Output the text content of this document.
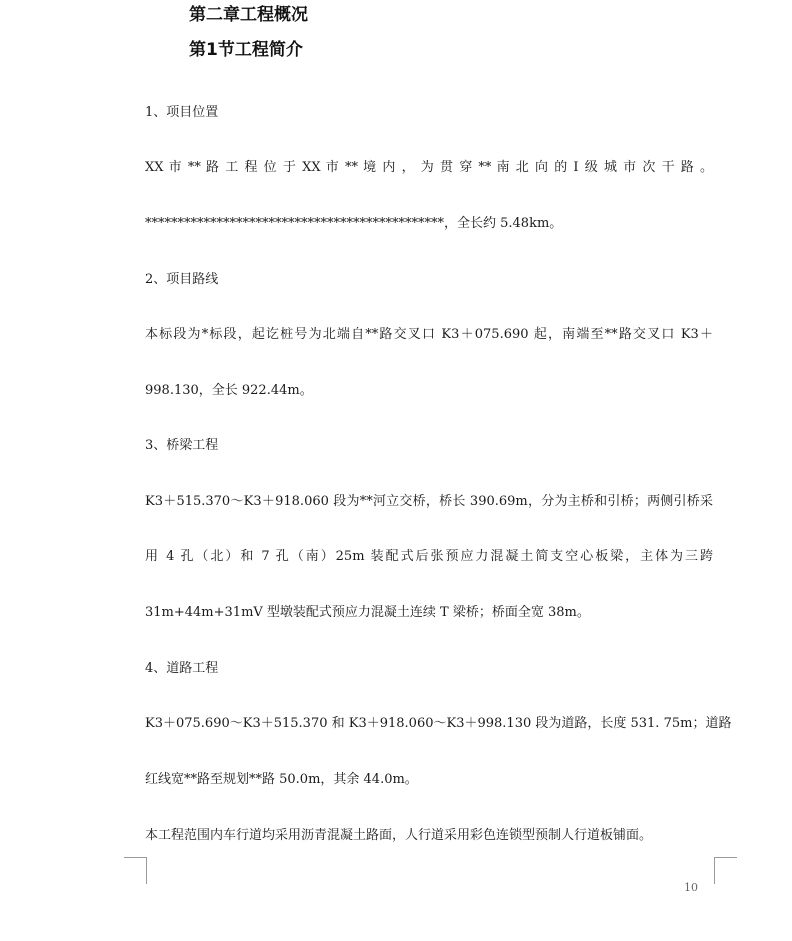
第二章工程概况
第1节工程简介
1、项目位置
XX 市 ** 路 工 程 位 于 XX 市 ** 境 内 ， 为 贯 穿 ** 南 北 向 的 Ⅰ 级 城 市 次 干 路 。
**********************************************，全长约 5.48km。
2、项目路线
本标段为*标段，起讫桩号为北端自**路交叉口 K3＋075.690 起，南端至**路交叉口 K3＋
998.130，全长 922.44m。
3、桥梁工程
K3＋515.370～K3＋918.060 段为**河立交桥，桥长 390.69m，分为主桥和引桥；两侧引桥采
用 4 孔（北）和 7 孔（南）25m 装配式后张预应力混凝土简支空心板梁，主体为三跨
31m+44m+31mV 型墩装配式预应力混凝土连续 T 梁桥；桥面全宽 38m。
4、道路工程
K3＋075.690～K3＋515.370 和 K3＋918.060～K3＋998.130 段为道路，长度 531. 75m；道路
红线宽**路至规划**路 50.0m，其余 44.0m。
本工程范围内车行道均采用沥青混凝土路面，人行道采用彩色连锁型预制人行道板铺面。
10
